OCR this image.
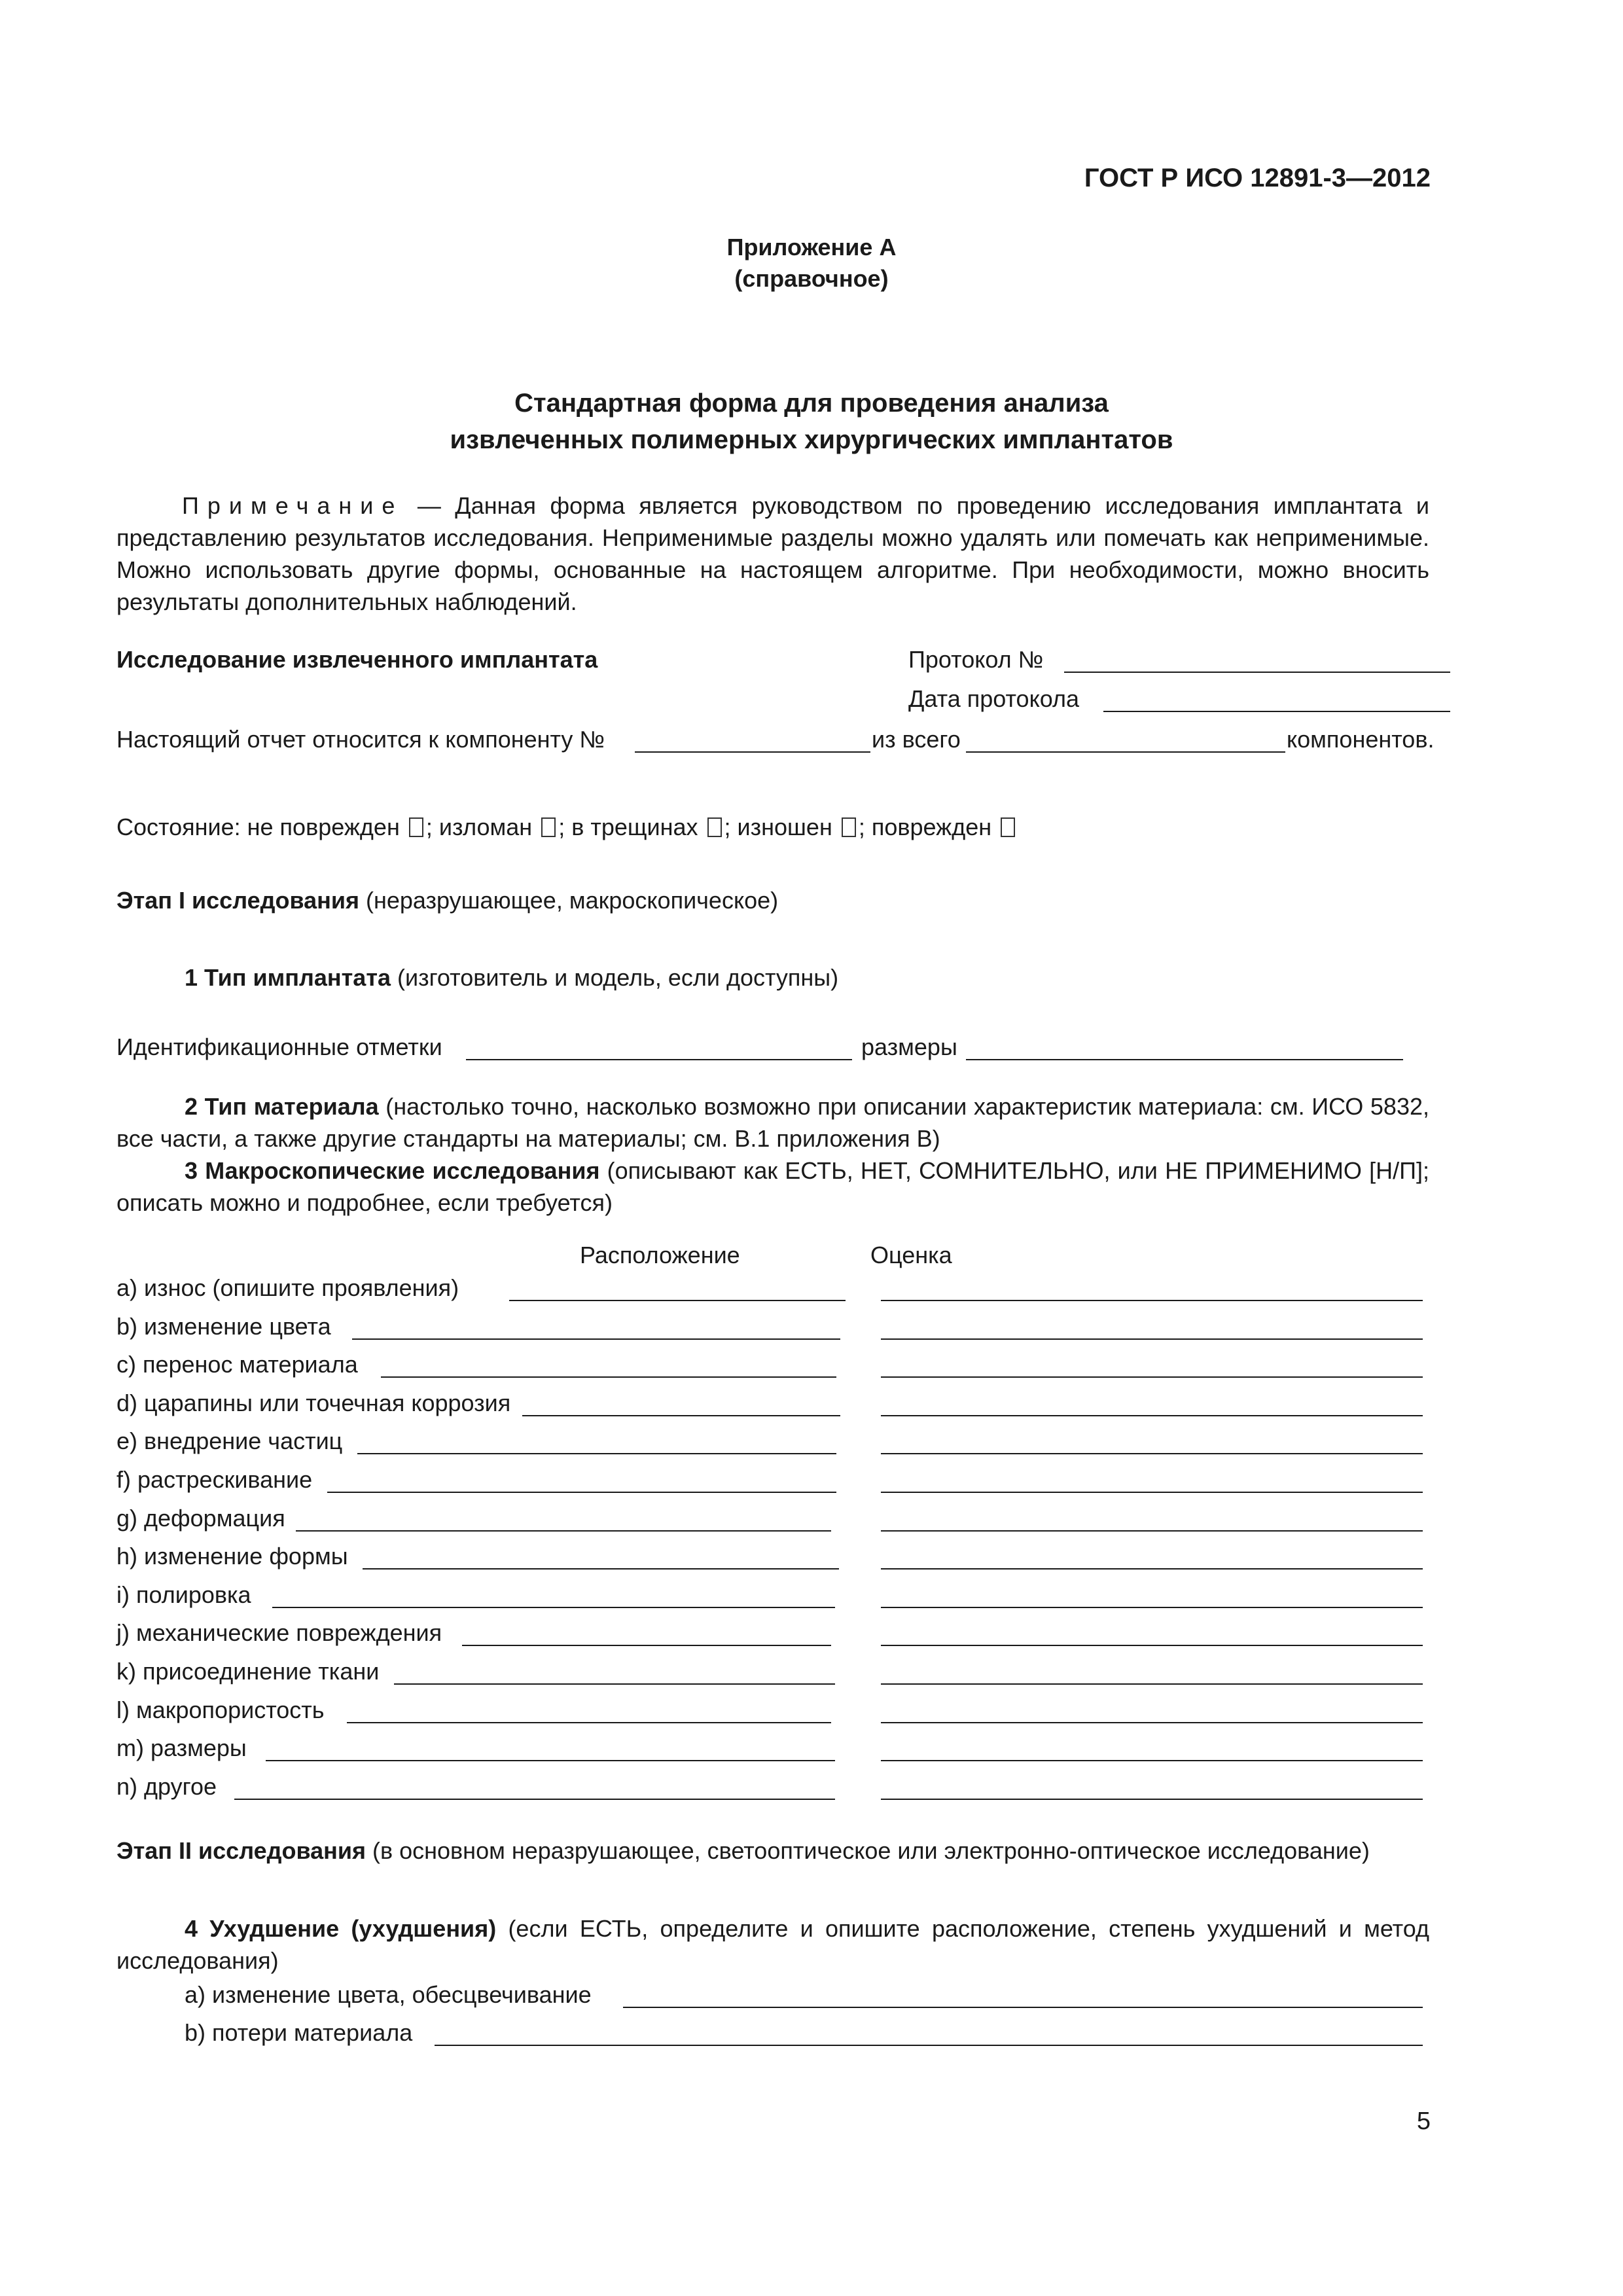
ГОСТ Р ИСО 12891-3—2012
Приложение А
(справочное)
Стандартная форма для проведения анализа
извлеченных полимерных хирургических имплантатов
Примечание — Данная форма является руководством по проведению исследования имплантата и представлению результатов исследования. Неприменимые разделы можно удалять или помечать как неприменимые. Можно использовать другие формы, основанные на настоящем алгоритме. При необходимости, можно вносить результаты дополнительных наблюдений.
Исследование извлеченного имплантата	Протокол №
Дата протокола
Настоящий отчет относится к компоненту №	из всего	компонентов.
Состояние: не поврежден ; изломан ; в трещинах ; изношен ; поврежден
Этап I исследования (неразрушающее, макроскопическое)
1 Тип имплантата (изготовитель и модель, если доступны)
Идентификационные отметки	размеры
2 Тип материала (настолько точно, насколько возможно при описании характеристик материала: см. ИСО 5832, все части, а также другие стандарты на материалы; см. В.1 приложения В)
3 Макроскопические исследования (описывают как ЕСТЬ, НЕТ, СОМНИТЕЛЬНО, или НЕ ПРИМЕНИМО [Н/П]; описать можно и подробнее, если требуется)
Расположение	Оценка
a) износ (опишите проявления)
b) изменение цвета
c) перенос материала
d) царапины или точечная коррозия
e) внедрение частиц
f) растрескивание
g) деформация
h) изменение формы
i) полировка
j) механические повреждения
k) присоединение ткани
l) макропористость
m) размеры
n) другое
Этап II исследования (в основном неразрушающее, светооптическое или электронно-оптическое исследование)
4 Ухудшение (ухудшения) (если ЕСТЬ, определите и опишите расположение, степень ухудшений и метод исследования)
a) изменение цвета, обесцвечивание
b) потери материала
5
